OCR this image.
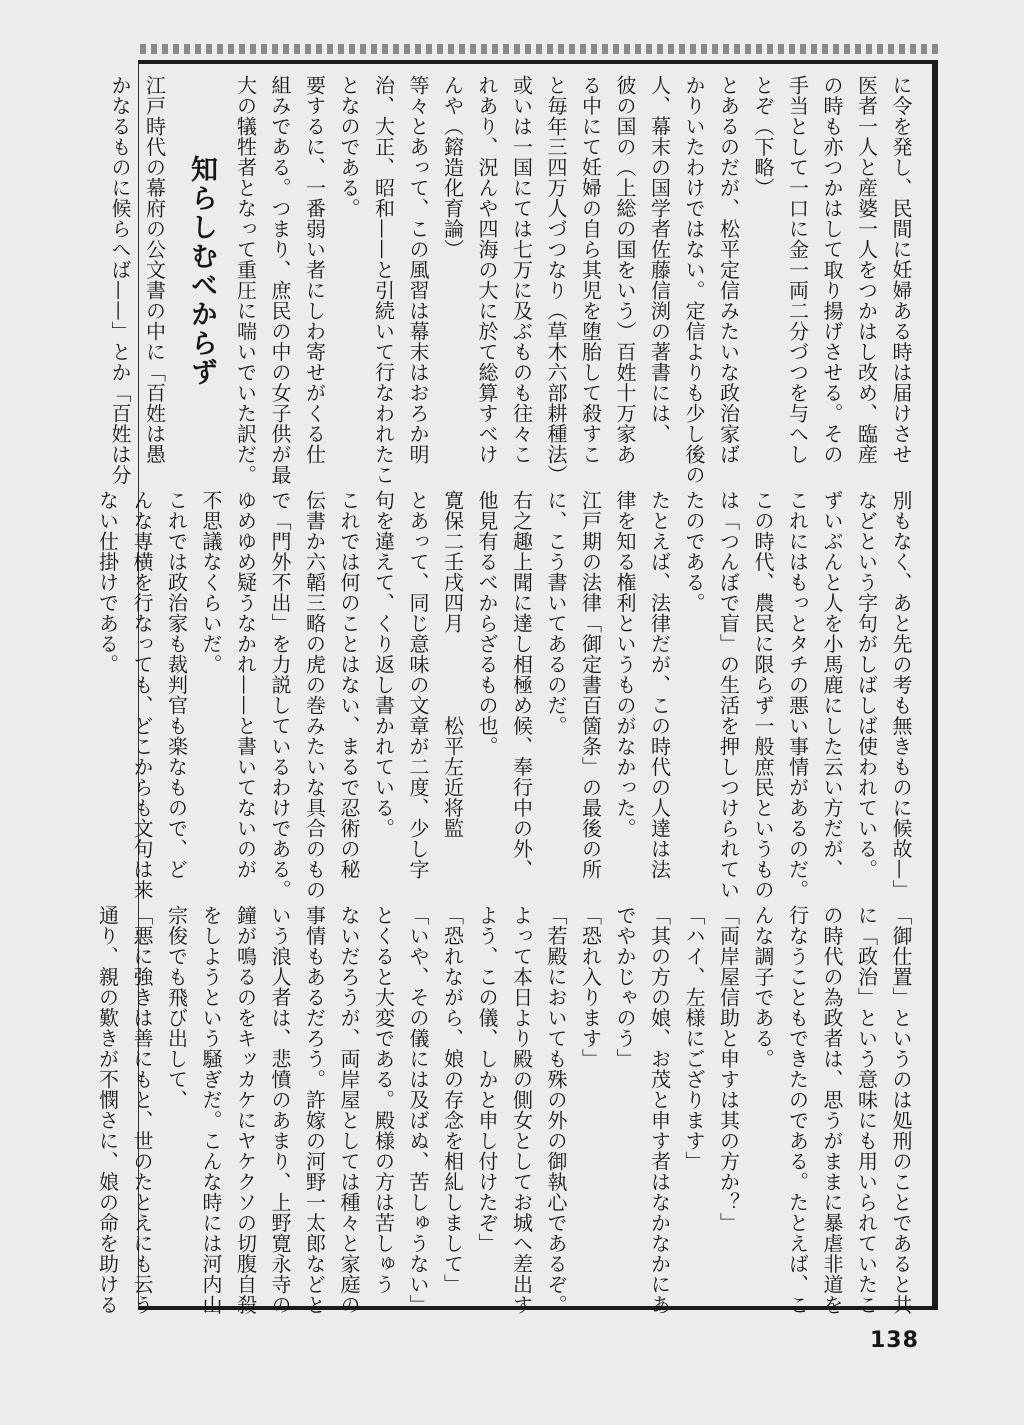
に令を発し、民間に妊婦ある時は届けさせ

医者一人と産婆一人をつかはし改め、臨産

の時も亦つかはして取り揚げさせる。その

手当として一口に金一両二分づつを与へし

とぞ（下略）

とあるのだが、松平定信みたいな政治家ば

かりいたわけではない。定信よりも少し後の

人、幕末の国学者佐藤信渕の著書には、

彼の国の（上総の国をいう）百姓十万家あ

る中にて妊婦の自ら其児を堕胎して殺すこ

と毎年三四万人づつなり（草木六部耕種法）

或いは一国にては七万に及ぶものも往々こ

れあり、況んや四海の大に於て総算すべけ

んや（鎔造化育論）

等々とあって、この風習は幕末はおろか明

治、大正、昭和——と引続いて行なわれたこ

となのである。

要するに、一番弱い者にしわ寄せがくる仕

組みである。つまり、庶民の中の女子供が最

大の犠牲者となって重圧に喘いでいた訳だ。

知らしむべからず

江戸時代の幕府の公文書の中に「百姓は愚

かなるものに候らへば——」とか「百姓は分

別もなく、あと先の考も無きものに候故—」

などという字句がしばしば使われている。

ずいぶんと人を小馬鹿にした云い方だが、

これにはもっとタチの悪い事情があるのだ。

この時代、農民に限らず一般庶民というもの

は「つんぼで盲」の生活を押しつけられてい

たのである。

たとえば、法律だが、この時代の人達は法

律を知る権利というものがなかった。

江戸期の法律「御定書百箇条」の最後の所

に、こう書いてあるのだ。

右之趣上聞に達し相極め候、奉行中の外、

他見有るべからざるもの也。

寛保二壬戌四月　　　　松平左近将監

とあって、同じ意味の文章が二度、少し字

句を違えて、くり返し書かれている。

これでは何のことはない、まるで忍術の秘

伝書か六韜三略の虎の巻みたいな具合のもの

で「門外不出」を力説しているわけである。

ゆめゆめ疑うなかれ——と書いてないのが

不思議なくらいだ。

これでは政治家も裁判官も楽なもので、ど

んな専横を行なっても、どこからも文句は来

ない仕掛けである。

「御仕置」というのは処刑のことであると共

に「政治」という意味にも用いられていたこ

の時代の為政者は、思うがままに暴虐非道を

行なうこともできたのである。たとえば、こ

んな調子である。

「両岸屋信助と申すは其の方か？」

「ハイ、左様にござります」

「其の方の娘、お茂と申す者はなかなかにあ

でやかじゃのう」

「恐れ入ります」

「若殿においても殊の外の御執心であるぞ。

よって本日より殿の側女としてお城へ差出す

よう、この儀、しかと申し付けたぞ」

「恐れながら、娘の存念を相糺しまして」

「いや、その儀には及ばぬ、苦しゅうない」

とくると大変である。殿様の方は苦しゅう

ないだろうが、両岸屋としては種々と家庭の

事情もあるだろう。許嫁の河野一太郎などと

いう浪人者は、悲憤のあまり、上野寛永寺の

鐘が鳴るのをキッカケにヤケクソの切腹自殺

をしようという騒ぎだ。こんな時には河内山

宗俊でも飛び出して、

「悪に強きは善にもと、世のたとえにも云う

通り、親の歎きが不憫さに、娘の命を助ける

138
